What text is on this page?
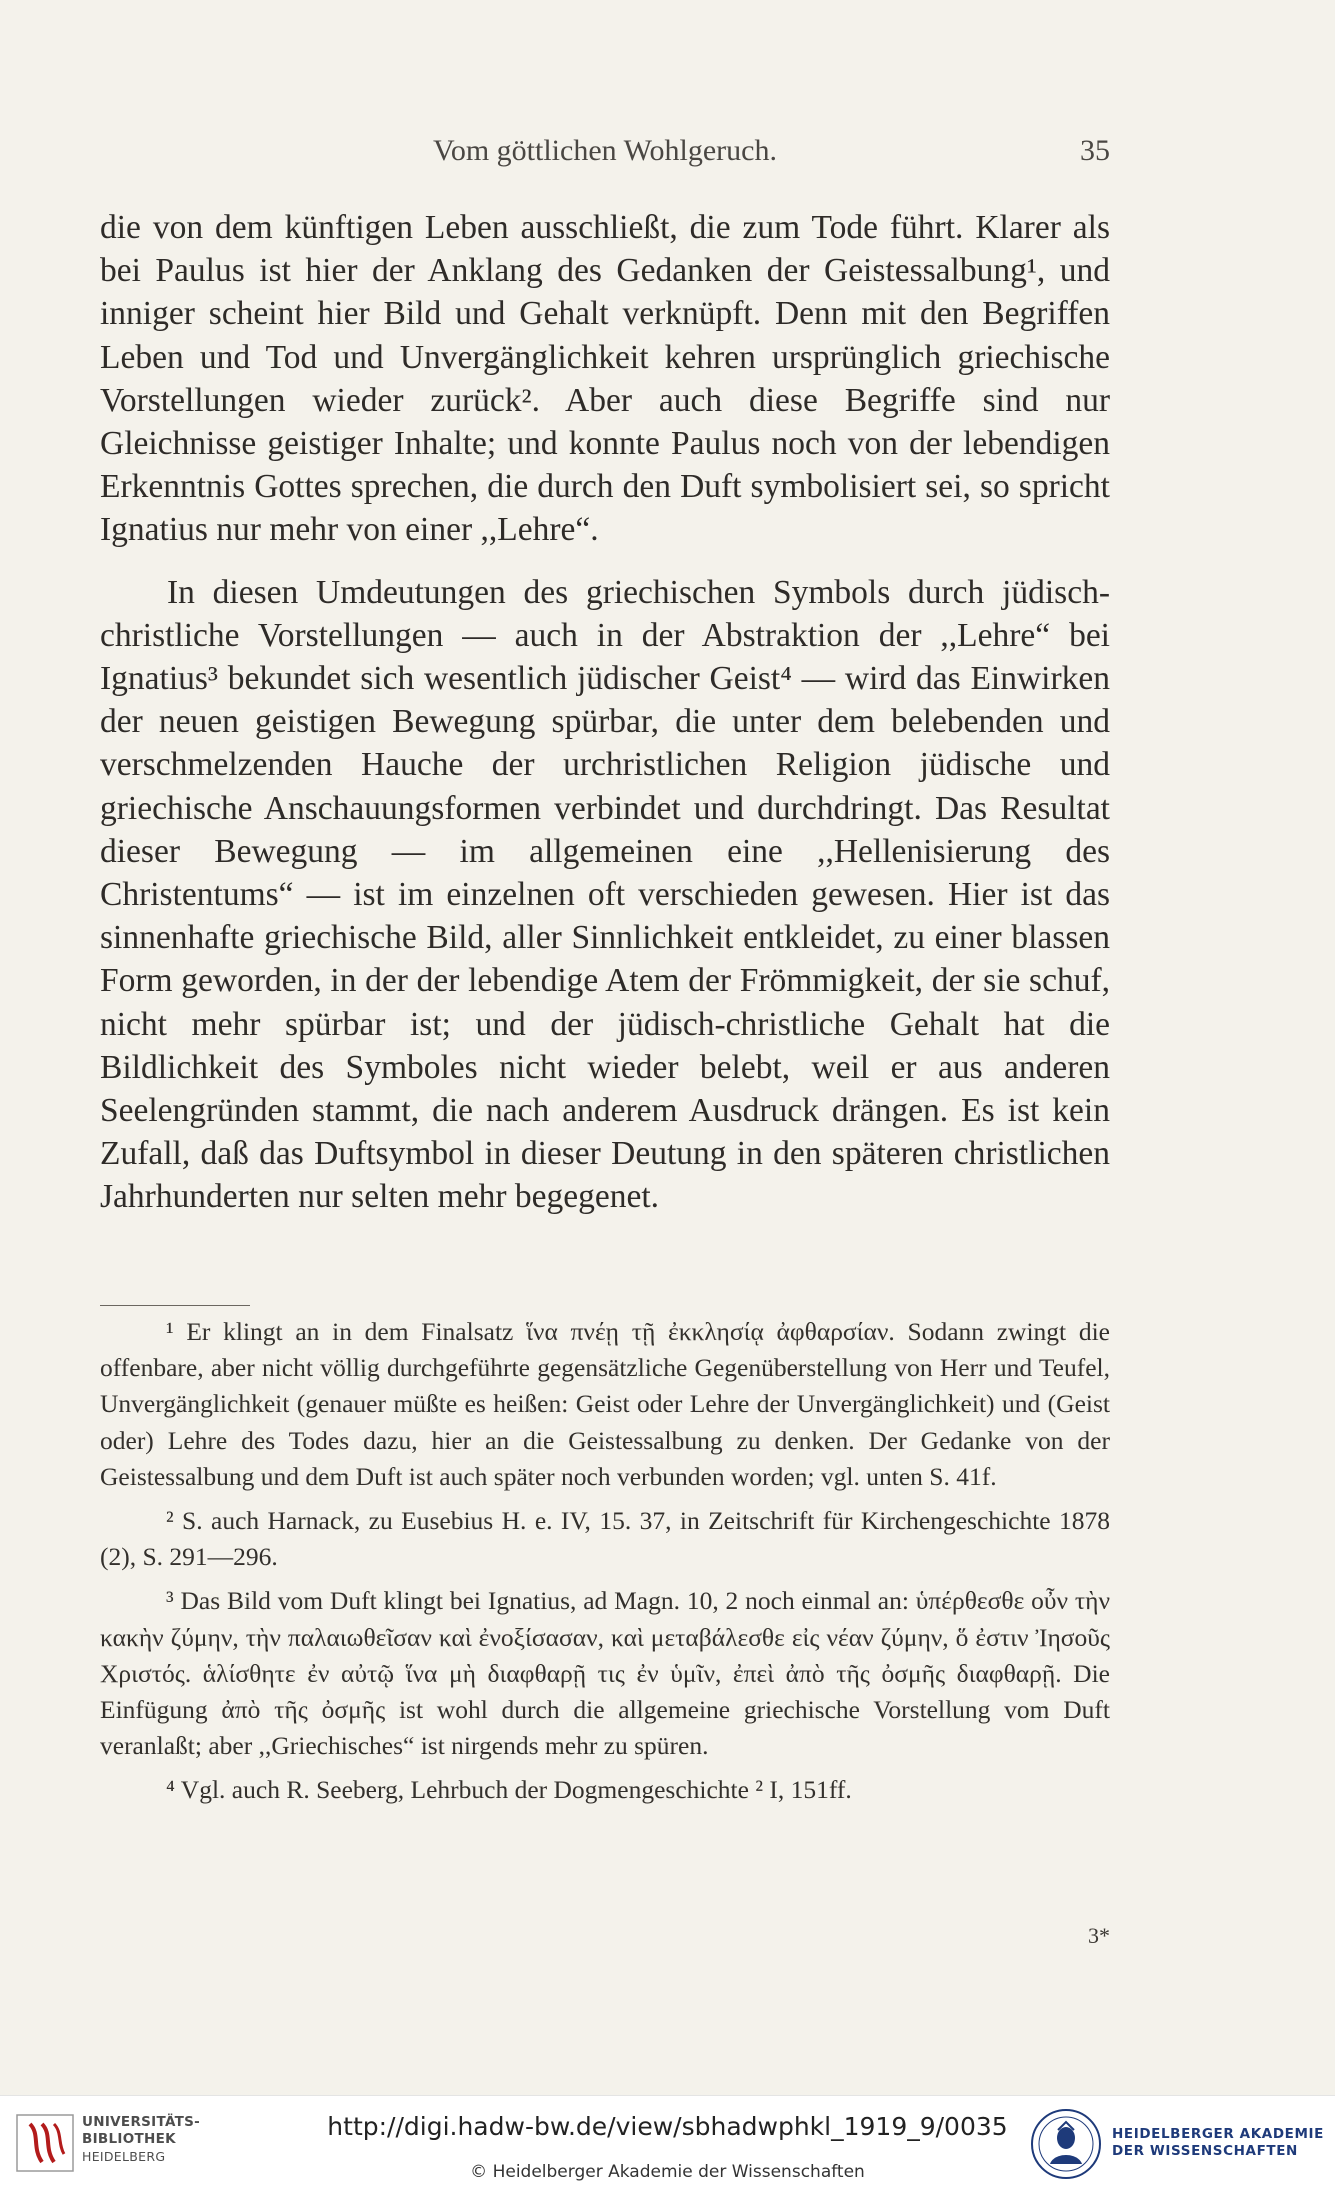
Vom göttlichen Wohlgeruch.	35

die von dem künftigen Leben ausschließt, die zum Tode führt. Klarer als bei Paulus ist hier der Anklang des Gedanken der Geistessalbung¹, und inniger scheint hier Bild und Gehalt verknüpft. Denn mit den Begriffen Leben und Tod und Unvergänglichkeit kehren ursprünglich griechische Vorstellungen wieder zurück². Aber auch diese Begriffe sind nur Gleichnisse geistiger Inhalte; und konnte Paulus noch von der lebendigen Erkenntnis Gottes sprechen, die durch den Duft symbolisiert sei, so spricht Ignatius nur mehr von einer ,,Lehre“.

In diesen Umdeutungen des griechischen Symbols durch jüdisch-christliche Vorstellungen — auch in der Abstraktion der ,,Lehre“ bei Ignatius³ bekundet sich wesentlich jüdischer Geist⁴ — wird das Einwirken der neuen geistigen Bewegung spürbar, die unter dem belebenden und verschmelzenden Hauche der urchristlichen Religion jüdische und griechische Anschauungsformen verbindet und durchdringt. Das Resultat dieser Bewegung — im allgemeinen eine ,,Hellenisierung des Christentums“ — ist im einzelnen oft verschieden gewesen. Hier ist das sinnenhafte griechische Bild, aller Sinnlichkeit entkleidet, zu einer blassen Form geworden, in der der lebendige Atem der Frömmigkeit, der sie schuf, nicht mehr spürbar ist; und der jüdisch-christliche Gehalt hat die Bildlichkeit des Symboles nicht wieder belebt, weil er aus anderen Seelengründen stammt, die nach anderem Ausdruck drängen. Es ist kein Zufall, daß das Duftsymbol in dieser Deutung in den späteren christlichen Jahrhunderten nur selten mehr begegenet.

¹ Er klingt an in dem Finalsatz ἵνα πνέῃ τῇ ἐκκλησίᾳ ἀφθαρσίαν. Sodann zwingt die offenbare, aber nicht völlig durchgeführte gegensätzliche Gegenüberstellung von Herr und Teufel, Unvergänglichkeit (genauer müßte es heißen: Geist oder Lehre der Unvergänglichkeit) und (Geist oder) Lehre des Todes dazu, hier an die Geistessalbung zu denken. Der Gedanke von der Geistessalbung und dem Duft ist auch später noch verbunden worden; vgl. unten S. 41f.

² S. auch Harnack, zu Eusebius H. e. IV, 15. 37, in Zeitschrift für Kirchengeschichte 1878 (2), S. 291—296.

³ Das Bild vom Duft klingt bei Ignatius, ad Magn. 10, 2 noch einmal an: ὑπέρθεσθε οὖν τὴν κακὴν ζύμην, τὴν παλαιωθεῖσαν καὶ ἐνοξίσασαν, καὶ μεταβάλεσθε εἰς νέαν ζύμην, ὅ ἐστιν Ἰησοῦς Χριστός. ἁλίσθητε ἐν αὐτῷ ἵνα μὴ διαφθαρῇ τις ἐν ὑμῖν, ἐπεὶ ἀπὸ τῆς ὀσμῆς διαφθαρῇ. Die Einfügung ἀπὸ τῆς ὀσμῆς ist wohl durch die allgemeine griechische Vorstellung vom Duft veranlaßt; aber ,,Griechisches“ ist nirgends mehr zu spüren.

⁴ Vgl. auch R. Seeberg, Lehrbuch der Dogmengeschichte ² I, 151ff.

3*
UNIVERSITÄTS-
BIBLIOTHEK
HEIDELBERG
http://digi.hadw-bw.de/view/sbhadwphkl_1919_9/0035
© Heidelberger Akademie der Wissenschaften
HEIDELBERGER AKADEMIE
DER WISSENSCHAFTEN
